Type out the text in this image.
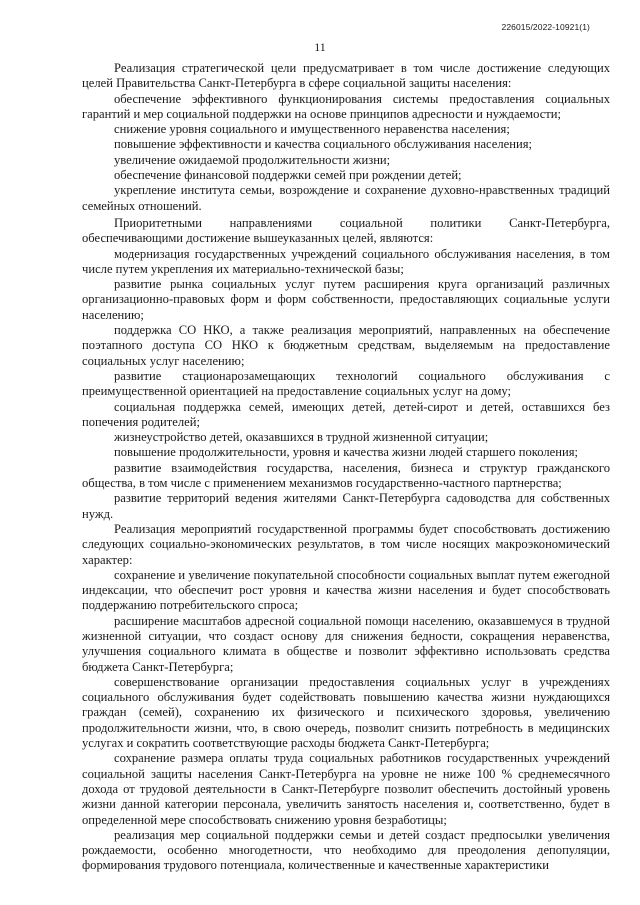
226015/2022-10921(1)
11

Реализация стратегической цели предусматривает в том числе достижение следующих целей Правительства Санкт-Петербурга в сфере социальной защиты населения:

обеспечение эффективного функционирования системы предоставления социальных гарантий и мер социальной поддержки на основе принципов адресности и нуждаемости;

снижение уровня социального и имущественного неравенства населения;

повышение эффективности и качества социального обслуживания населения;

увеличение ожидаемой продолжительности жизни;

обеспечение финансовой поддержки семей при рождении детей;

укрепление института семьи, возрождение и сохранение духовно-нравственных традиций семейных отношений.

Приоритетными направлениями социальной политики Санкт-Петербурга, обеспечивающими достижение вышеуказанных целей, являются:

модернизация государственных учреждений социального обслуживания населения, в том числе путем укрепления их материально-технической базы;

развитие рынка социальных услуг путем расширения круга организаций различных организационно-правовых форм и форм собственности, предоставляющих социальные услуги населению;

поддержка СО НКО, а также реализация мероприятий, направленных на обеспечение поэтапного доступа СО НКО к бюджетным средствам, выделяемым на предоставление социальных услуг населению;

развитие стационарозамещающих технологий социального обслуживания с преимущественной ориентацией на предоставление социальных услуг на дому;

социальная поддержка семей, имеющих детей, детей-сирот и детей, оставшихся без попечения родителей;

жизнеустройство детей, оказавшихся в трудной жизненной ситуации;

повышение продолжительности, уровня и качества жизни людей старшего поколения;

развитие взаимодействия государства, населения, бизнеса и структур гражданского общества, в том числе с применением механизмов государственно-частного партнерства;

развитие территорий ведения жителями Санкт-Петербурга садоводства для собственных нужд.

Реализация мероприятий государственной программы будет способствовать достижению следующих социально-экономических результатов, в том числе носящих макроэкономический характер:

сохранение и увеличение покупательной способности социальных выплат путем ежегодной индексации, что обеспечит рост уровня и качества жизни населения и будет способствовать поддержанию потребительского спроса;

расширение масштабов адресной социальной помощи населению, оказавшемуся в трудной жизненной ситуации, что создаст основу для снижения бедности, сокращения неравенства, улучшения социального климата в обществе и позволит эффективно использовать средства бюджета Санкт-Петербурга;

совершенствование организации предоставления социальных услуг в учреждениях социального обслуживания будет содействовать повышению качества жизни нуждающихся граждан (семей), сохранению их физического и психического здоровья, увеличению продолжительности жизни, что, в свою очередь, позволит снизить потребность в медицинских услугах и сократить соответствующие расходы бюджета Санкт-Петербурга;

сохранение размера оплаты труда социальных работников государственных учреждений социальной защиты населения Санкт-Петербурга на уровне не ниже 100 % среднемесячного дохода от трудовой деятельности в Санкт-Петербурге позволит обеспечить достойный уровень жизни данной категории персонала, увеличить занятость населения и, соответственно, будет в определенной мере способствовать снижению уровня безработицы;

реализация мер социальной поддержки семьи и детей создаст предпосылки увеличения рождаемости, особенно многодетности, что необходимо для преодоления депопуляции, формирования трудового потенциала, количественные и качественные характеристики
